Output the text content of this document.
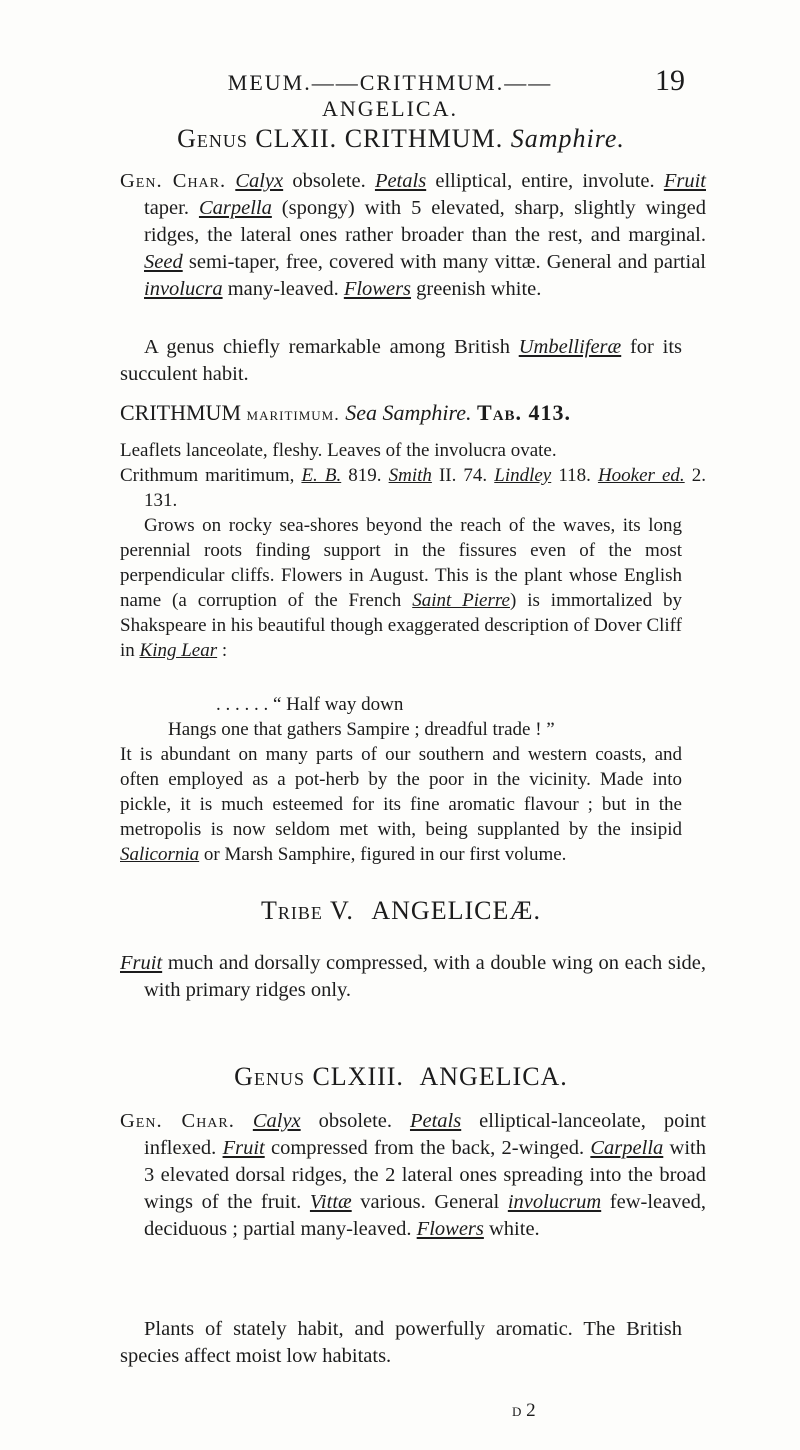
MEUM.——CRITHMUM.——ANGELICA.
19
Genus CLXII. CRITHMUM. Samphire.
Gen. Char. Calyx obsolete. Petals elliptical, entire, involute. Fruit taper. Carpella (spongy) with 5 elevated, sharp, slightly winged ridges, the lateral ones rather broader than the rest, and marginal. Seed semi-taper, free, covered with many vittæ. General and partial involucra many-leaved. Flowers greenish white.
A genus chiefly remarkable among British Umbelliferæ for its succulent habit.
CRITHMUM maritimum. Sea Samphire. Tab. 413.
Leaflets lanceolate, fleshy. Leaves of the involucra ovate.
Crithmum maritimum, E. B. 819. Smith II. 74. Lindley 118. Hooker ed. 2. 131.
Grows on rocky sea-shores beyond the reach of the waves, its long perennial roots finding support in the fissures even of the most perpendicular cliffs. Flowers in August. This is the plant whose English name (a corruption of the French Saint Pierre) is immortalized by Shakspeare in his beautiful though exaggerated description of Dover Cliff in King Lear :
. . . . . . “ Half way down
Hangs one that gathers Sampire ; dreadful trade ! ”
It is abundant on many parts of our southern and western coasts, and often employed as a pot-herb by the poor in the vicinity. Made into pickle, it is much esteemed for its fine aromatic flavour ; but in the metropolis is now seldom met with, being supplanted by the insipid Salicornia or Marsh Samphire, figured in our first volume.
Tribe V. ANGELICEÆ.
Fruit much and dorsally compressed, with a double wing on each side, with primary ridges only.
Genus CLXIII. ANGELICA.
Gen. Char. Calyx obsolete. Petals elliptical-lanceolate, point inflexed. Fruit compressed from the back, 2-winged. Carpella with 3 elevated dorsal ridges, the 2 lateral ones spreading into the broad wings of the fruit. Vittæ various. General involucrum few-leaved, deciduous ; partial many-leaved. Flowers white.
Plants of stately habit, and powerfully aromatic. The British species affect moist low habitats.
d 2
